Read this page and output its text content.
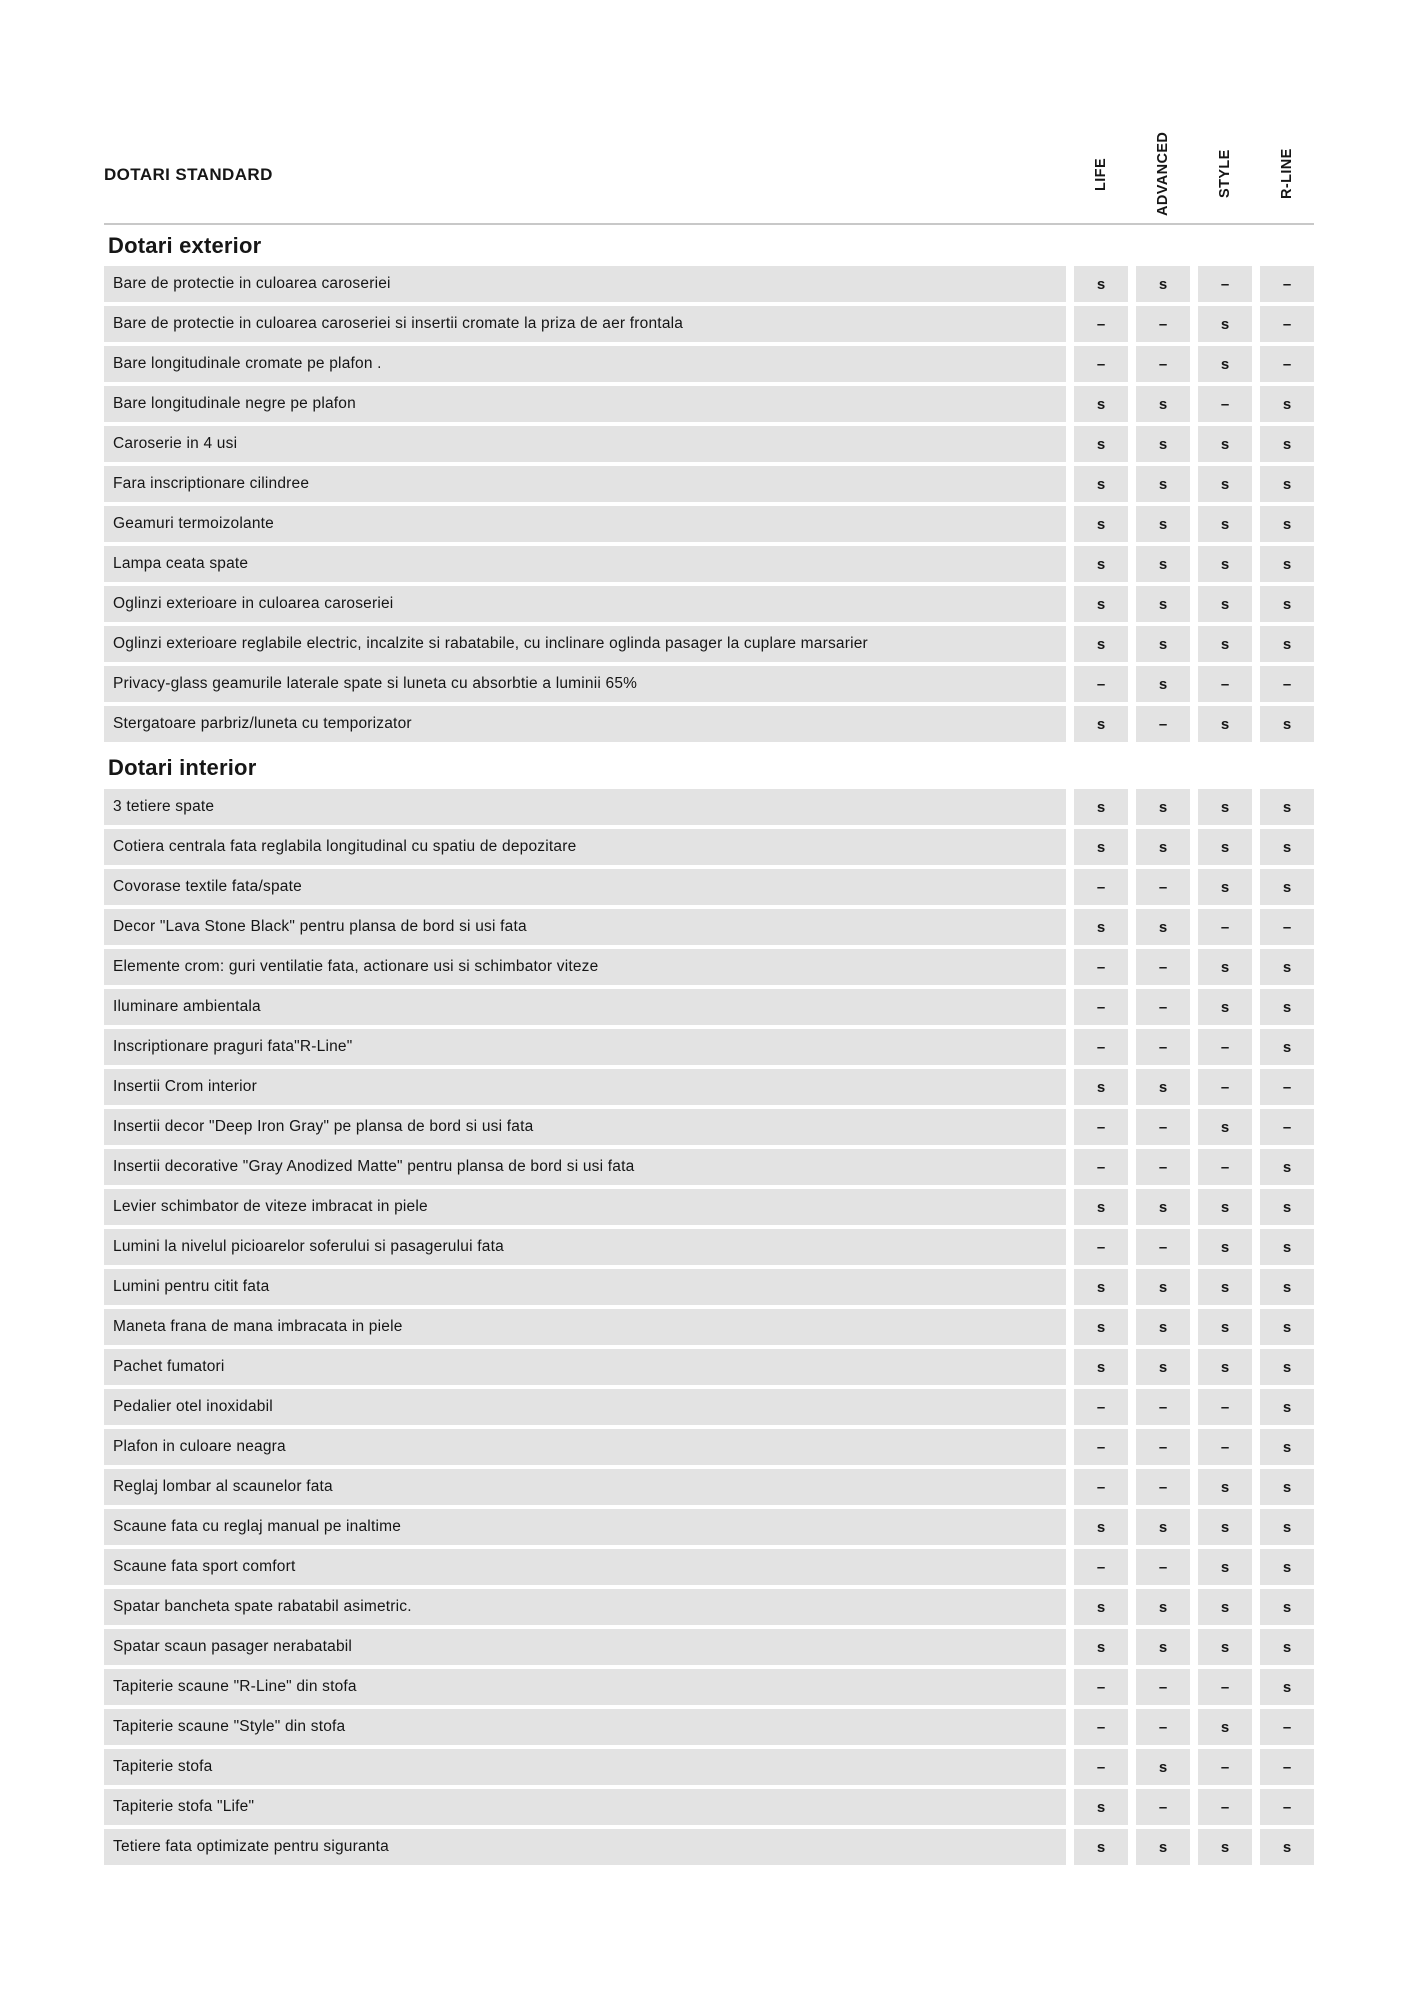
DOTARI STANDARD	LIFE	ADVANCED	STYLE	R-LINE
Dotari exterior
Bare de protectie in culoarea caroseriei	s	s	–	–
Bare de protectie in culoarea caroseriei si insertii cromate la priza de aer frontala	–	–	s	–
Bare longitudinale cromate pe plafon .	–	–	s	–
Bare longitudinale negre pe plafon	s	s	–	s
Caroserie in 4 usi	s	s	s	s
Fara inscriptionare cilindree	s	s	s	s
Geamuri termoizolante	s	s	s	s
Lampa ceata spate	s	s	s	s
Oglinzi exterioare in culoarea caroseriei	s	s	s	s
Oglinzi exterioare reglabile electric, incalzite si rabatabile, cu inclinare oglinda pasager la cuplare marsarier	s	s	s	s
Privacy-glass geamurile laterale spate si luneta cu absorbtie a luminii 65%	–	s	–	–
Stergatoare parbriz/luneta cu temporizator	s	–	s	s
Dotari interior
3 tetiere spate	s	s	s	s
Cotiera centrala fata reglabila longitudinal cu spatiu de depozitare	s	s	s	s
Covorase textile fata/spate	–	–	s	s
Decor "Lava Stone Black" pentru plansa de bord si usi fata	s	s	–	–
Elemente crom: guri ventilatie fata, actionare usi si schimbator viteze	–	–	s	s
Iluminare ambientala	–	–	s	s
Inscriptionare praguri fata"R-Line"	–	–	–	s
Insertii Crom interior	s	s	–	–
Insertii decor "Deep Iron Gray" pe plansa de bord si usi fata	–	–	s	–
Insertii decorative "Gray Anodized Matte" pentru plansa de bord si usi fata	–	–	–	s
Levier schimbator de viteze imbracat in piele	s	s	s	s
Lumini la nivelul picioarelor soferului si pasagerului fata	–	–	s	s
Lumini pentru citit fata	s	s	s	s
Maneta frana de mana imbracata in piele	s	s	s	s
Pachet fumatori	s	s	s	s
Pedalier otel inoxidabil	–	–	–	s
Plafon in culoare neagra	–	–	–	s
Reglaj lombar al scaunelor fata	–	–	s	s
Scaune fata cu reglaj manual pe inaltime	s	s	s	s
Scaune fata sport comfort	–	–	s	s
Spatar bancheta spate rabatabil asimetric.	s	s	s	s
Spatar scaun pasager nerabatabil	s	s	s	s
Tapiterie scaune "R-Line" din stofa	–	–	–	s
Tapiterie scaune "Style" din stofa	–	–	s	–
Tapiterie stofa	–	s	–	–
Tapiterie stofa "Life"	s	–	–	–
Tetiere fata optimizate pentru siguranta	s	s	s	s
